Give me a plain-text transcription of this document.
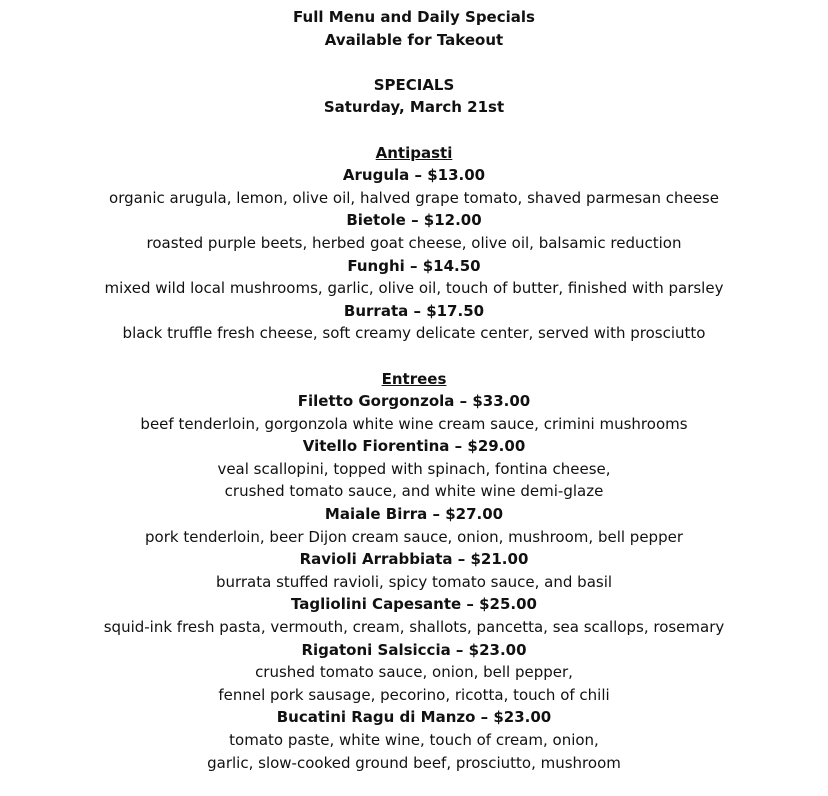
Full Menu and Daily Specials
Available for Takeout
SPECIALS
Saturday, March 21st
Antipasti
Arugula – $13.00
organic arugula, lemon, olive oil, halved grape tomato, shaved parmesan cheese
Bietole – $12.00
roasted purple beets, herbed goat cheese, olive oil, balsamic reduction
Funghi – $14.50
mixed wild local mushrooms, garlic, olive oil, touch of butter, finished with parsley
Burrata – $17.50
black truffle fresh cheese, soft creamy delicate center, served with prosciutto
Entrees
Filetto Gorgonzola – $33.00
beef tenderloin, gorgonzola white wine cream sauce, crimini mushrooms
Vitello Fiorentina – $29.00
veal scallopini, topped with spinach, fontina cheese,
crushed tomato sauce, and white wine demi-glaze
Maiale Birra – $27.00
pork tenderloin, beer Dijon cream sauce, onion, mushroom, bell pepper
Ravioli Arrabbiata – $21.00
burrata stuffed ravioli, spicy tomato sauce, and basil
Tagliolini Capesante – $25.00
squid-ink fresh pasta, vermouth, cream, shallots, pancetta, sea scallops, rosemary
Rigatoni Salsiccia – $23.00
crushed tomato sauce, onion, bell pepper,
fennel pork sausage, pecorino, ricotta, touch of chili
Bucatini Ragu di Manzo – $23.00
tomato paste, white wine, touch of cream, onion,
garlic, slow-cooked ground beef, prosciutto, mushroom
